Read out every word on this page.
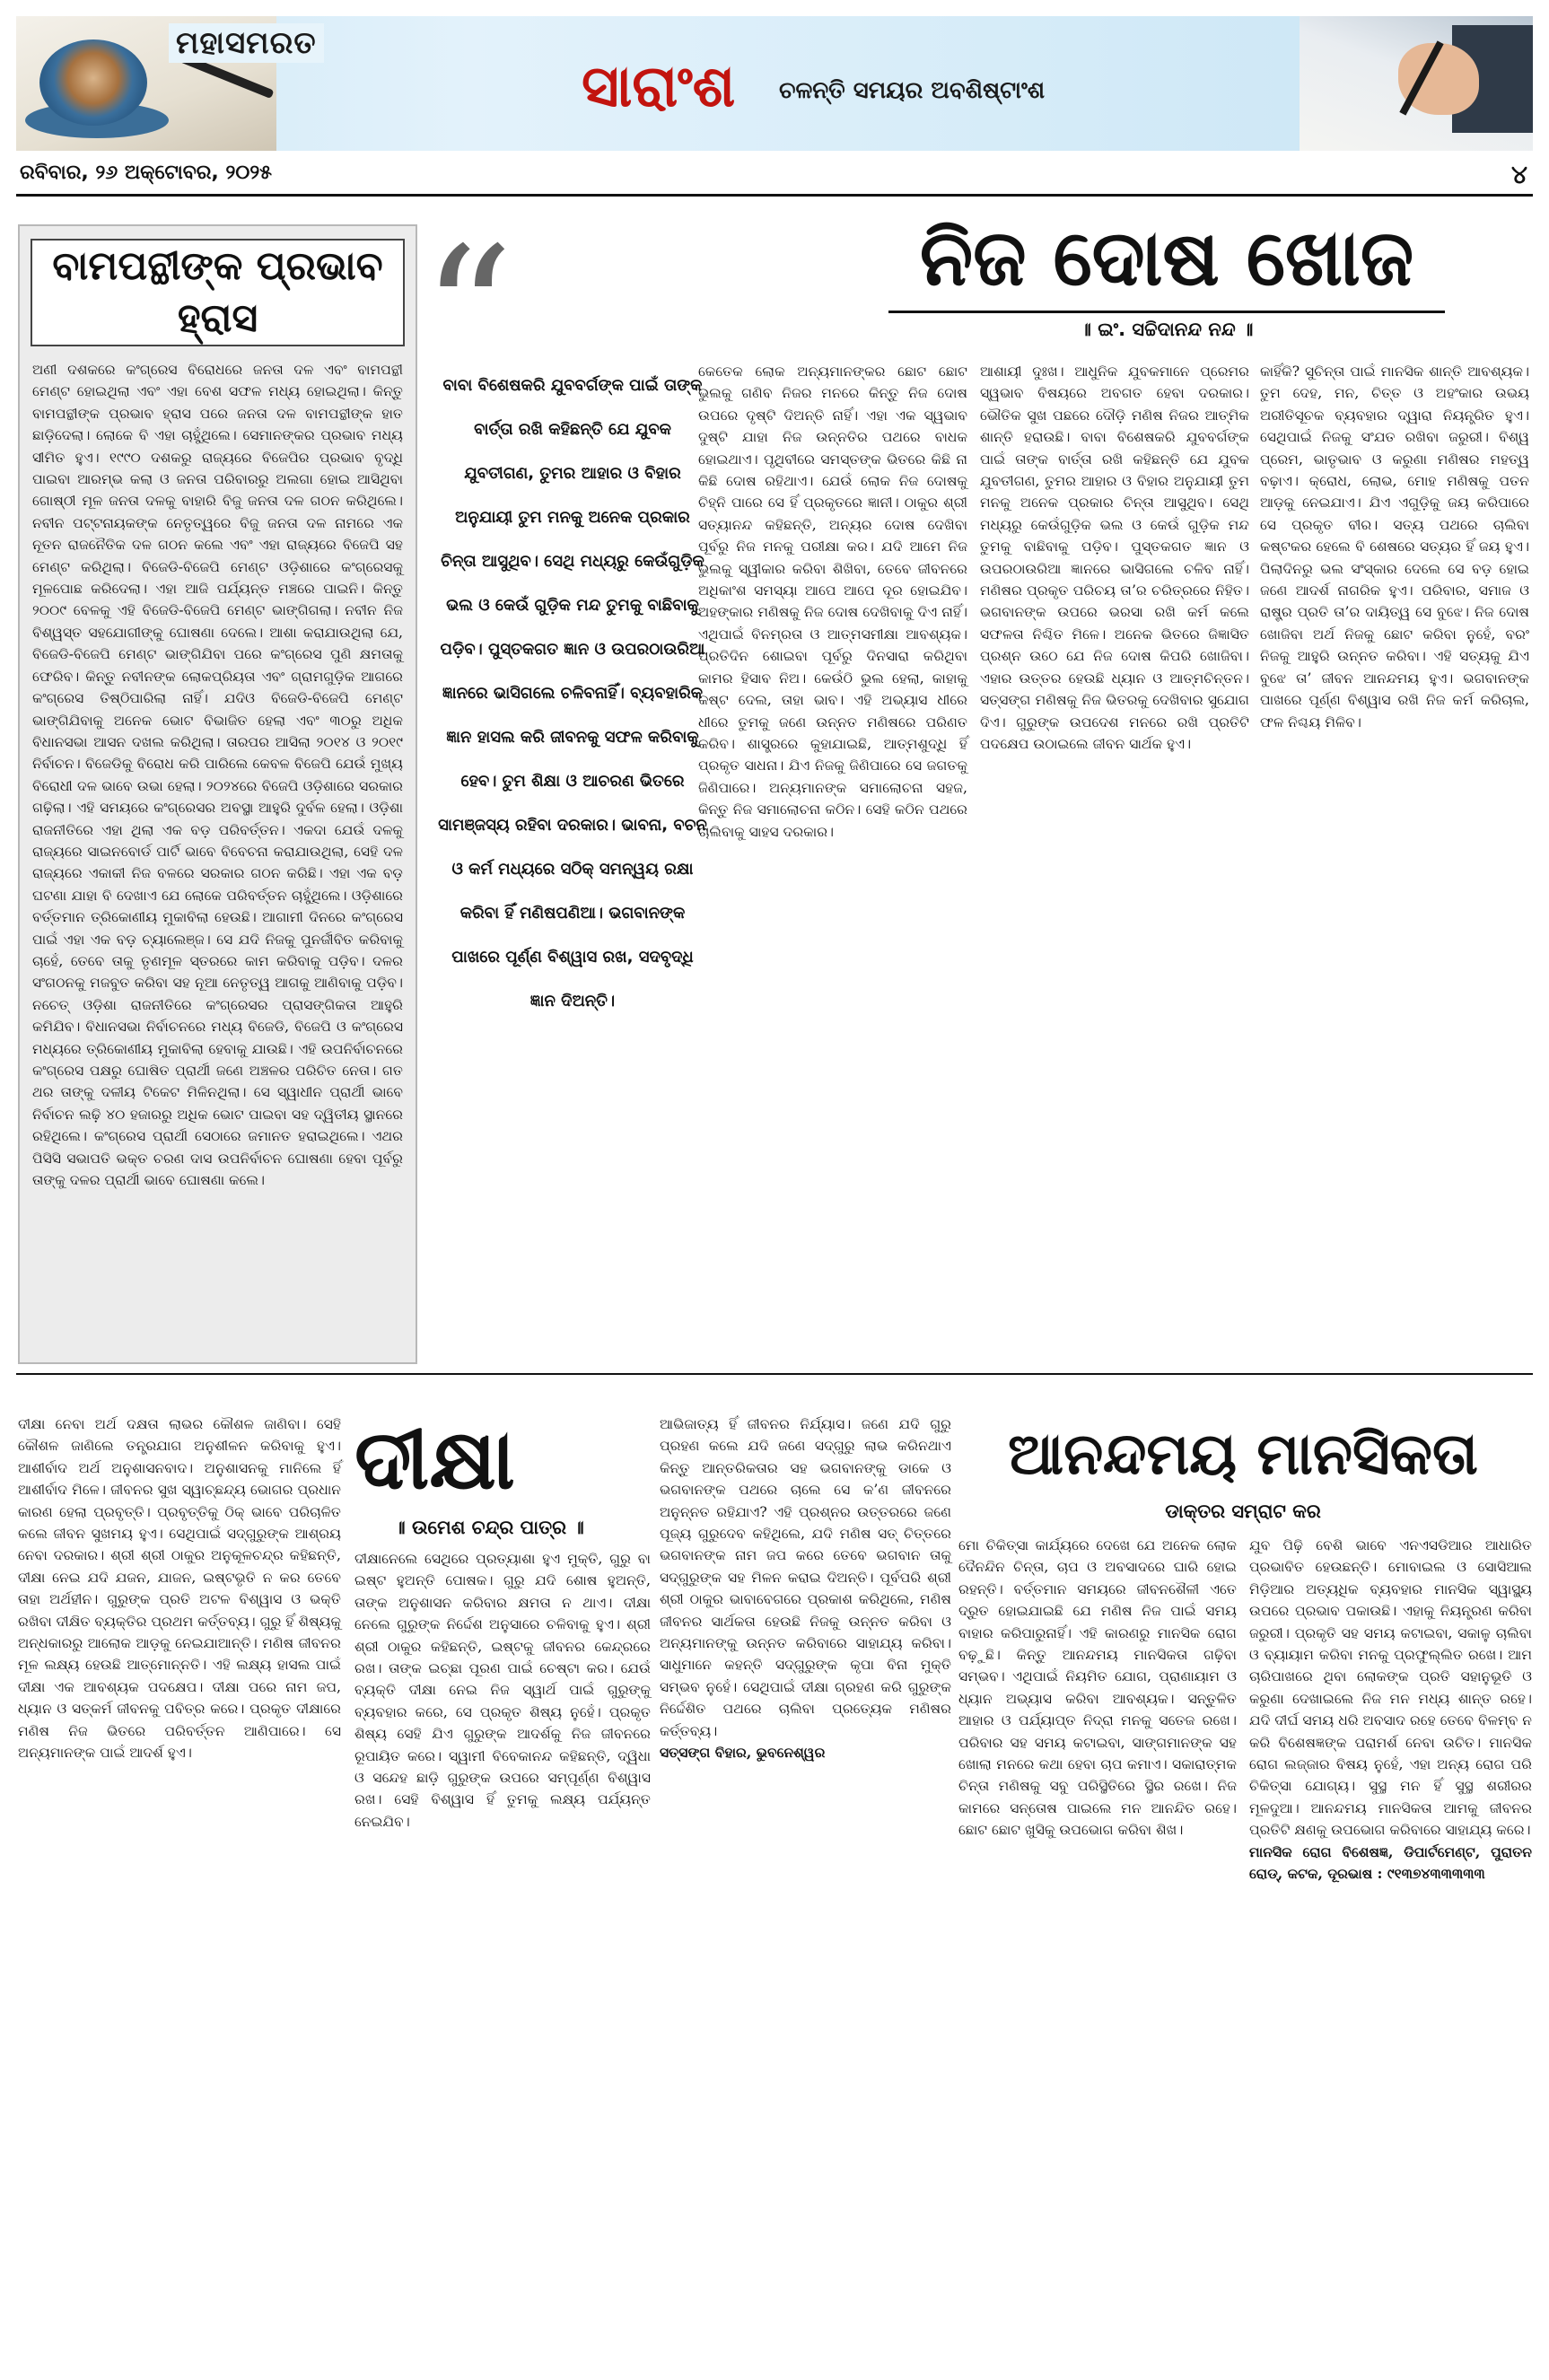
ମହାସମରତ
ସାରାଂଶ ଚଳନ୍ତି ସମୟର ଅବଶିଷ୍ଟାଂଶ
ରବିବାର, ୨୬ ଅକ୍ଟୋବର, ୨୦୨୫	୪
ବାମପନ୍ଥୀଙ୍କ ପ୍ରଭାବ ହ୍ରାସ

ଅଣୀ ଦଶକରେ କଂଗ୍ରେସ ବିରୋଧରେ ଜନତା ଦଳ ଏବଂ ବାମପନ୍ଥୀ ମେଣ୍ଟ ହୋଇଥିଲା ଏବଂ ଏହା ବେଶ ସଫଳ ମଧ୍ୟ ହୋଇଥିଲା। କିନ୍ତୁ ବାମପନ୍ଥୀଙ୍କ ପ୍ରଭାବ ହ୍ରାସ ପରେ ଜନତା ଦଳ ବାମପନ୍ଥୀଙ୍କ ହାତ ଛାଡ଼ିଦେଲା। ଲୋକେ ବି ଏହା ଚାହୁଁଥିଲେ। ସେମାନଙ୍କର ପ୍ରଭାବ ମଧ୍ୟ ସୀମିତ ହୁଏ। ୧୯୯୦ ଦଶକରୁ ରାଜ୍ୟରେ ବିଜେପିର ପ୍ରଭାବ ବୃଦ୍ଧି ପାଇବା ଆରମ୍ଭ କଲା ଓ ଜନତା ପରିବାରରୁ ଅଲଗା ହୋଇ ଆସିଥିବା ଗୋଷ୍ଠୀ ମୂଳ ଜନତା ଦଳକୁ ବାହାରି ବିଜୁ ଜନତା ଦଳ ଗଠନ କରିଥିଲେ। ନବୀନ ପଟ୍ଟନାୟକଙ୍କ ନେତୃତ୍ୱରେ ବିଜୁ ଜନତା ଦଳ ନାମରେ ଏକ ନୂତନ ରାଜନୈତିକ ଦଳ ଗଠନ କଲେ ଏବଂ ଏହା ରାଜ୍ୟରେ ବିଜେପି ସହ ମେଣ୍ଟ କରିଥିଲା। ବିଜେଡି-ବିଜେପି ମେଣ୍ଟ ଓଡ଼ିଶାରେ କଂଗ୍ରେସକୁ ମୂଳପୋଛ କରିଦେଲା। ଏହା ଆଜି ପର୍ଯ୍ୟନ୍ତ ମଞ୍ଚରେ ପାଇନି। କିନ୍ତୁ ୨୦୦୯ ବେଳକୁ ଏହି ବିଜେଡି-ବିଜେପି ମେଣ୍ଟ ଭାଙ୍ଗିଗଲା। ନବୀନ ନିଜ ବିଶ୍ୱସ୍ତ ସହଯୋଗୀଙ୍କୁ ଘୋଷଣା ଦେଲେ। ଆଶା କରାଯାଉଥିଲା ଯେ, ବିଜେଡି-ବିଜେପି ମେଣ୍ଟ ଭାଙ୍ଗିଯିବା ପରେ କଂଗ୍ରେସ ପୁଣି କ୍ଷମତାକୁ ଫେରିବ। କିନ୍ତୁ ନବୀନଙ୍କ ଲୋକପ୍ରିୟତା ଏବଂ ଗ୍ରାମଗୁଡ଼ିକ ଆଗରେ କଂଗ୍ରେସ ତିଷ୍ଠିପାରିଲା ନାହିଁ। ଯଦିଓ ବିଜେଡି-ବିଜେପି ମେଣ୍ଟ ଭାଙ୍ଗିଯିବାକୁ ଅନେକ ଭୋଟ ବିଭାଜିତ ହେଲା ଏବଂ ୩୦ରୁ ଅଧିକ ବିଧାନସଭା ଆସନ ଦଖଲ କରିଥିଲା। ତାରପର ଆସିଲା ୨୦୧୪ ଓ ୨୦୧୯ ନିର୍ବାଚନ। ବିଜେଡିକୁ ବିରୋଧ କରି ପାରିଲେ କେବଳ ବିଜେପି ଯେଉଁ ମୁଖ୍ୟ ବିରୋଧୀ ଦଳ ଭାବେ ଉଭା ହେଲା। ୨୦୨୪ରେ ବିଜେପି ଓଡ଼ିଶାରେ ସରକାର ଗଢ଼ିଲା। ଏହି ସମୟରେ କଂଗ୍ରେସର ଅବସ୍ଥା ଆହୁରି ଦୁର୍ବଳ ହେଲା। ଓଡ଼ିଶା ରାଜନୀତିରେ ଏହା ଥିଲା ଏକ ବଡ଼ ପରିବର୍ତ୍ତନ। ଏକଦା ଯେଉଁ ଦଳକୁ ରାଜ୍ୟରେ ସାଇନବୋର୍ଡ ପାର୍ଟି ଭାବେ ବିବେଚନା କରାଯାଉଥିଲା, ସେହି ଦଳ ରାଜ୍ୟରେ ଏକାକୀ ନିଜ ବଳରେ ସରକାର ଗଠନ କରିଛି। ଏହା ଏକ ବଡ଼ ଘଟଣା ଯାହା ବି ଦେଖାଏ ଯେ ଲୋକେ ପରିବର୍ତ୍ତନ ଚାହୁଁଥିଲେ। ଓଡ଼ିଶାରେ ବର୍ତ୍ତମାନ ତ୍ରିକୋଣୀୟ ମୁକାବିଲା ହେଉଛି। ଆଗାମୀ ଦିନରେ କଂଗ୍ରେସ ପାଇଁ ଏହା ଏକ ବଡ଼ ଚ୍ୟାଲେଞ୍ଜ। ସେ ଯଦି ନିଜକୁ ପୁନର୍ଜୀବିତ କରିବାକୁ ଚାହେଁ, ତେବେ ତାକୁ ତୃଣମୂଳ ସ୍ତରରେ କାମ କରିବାକୁ ପଡ଼ିବ। ଦଳର ସଂଗଠନକୁ ମଜବୁତ କରିବା ସହ ନୂଆ ନେତୃତ୍ୱ ଆଗକୁ ଆଣିବାକୁ ପଡ଼ିବ। ନଚେତ୍ ଓଡ଼ିଶା ରାଜନୀତିରେ କଂଗ୍ରେସର ପ୍ରାସଙ୍ଗିକତା ଆହୁରି କମିଯିବ। ବିଧାନସଭା ନିର୍ବାଚନରେ ମଧ୍ୟ ବିଜେଡି, ବିଜେପି ଓ କଂଗ୍ରେସ ମଧ୍ୟରେ ତ୍ରିକୋଣୀୟ ମୁକାବିଲା ହେବାକୁ ଯାଉଛି। ଏହି ଉପନିର୍ବାଚନରେ କଂଗ୍ରେସ ପକ୍ଷରୁ ଘୋଷିତ ପ୍ରାର୍ଥୀ ଜଣେ ଅଞ୍ଚଳର ପରିଚିତ ନେତା। ଗତ ଥର ତାଙ୍କୁ ଦଳୀୟ ଟିକେଟ ମିଳିନଥିଲା। ସେ ସ୍ୱାଧୀନ ପ୍ରାର୍ଥୀ ଭାବେ ନିର୍ବାଚନ ଲଢ଼ି ୪୦ ହଜାରରୁ ଅଧିକ ଭୋଟ ପାଇବା ସହ ଦ୍ୱିତୀୟ ସ୍ଥାନରେ ରହିଥିଲେ। କଂଗ୍ରେସ ପ୍ରାର୍ଥୀ ସେଠାରେ ଜମାନତ ହରାଇଥିଲେ। ଏଥର ପିସିସି ସଭାପତି ଭକ୍ତ ଚରଣ ଦାସ ଉପନିର୍ବାଚନ ଘୋଷଣା ହେବା ପୂର୍ବରୁ ତାଙ୍କୁ ଦଳର ପ୍ରାର୍ଥୀ ଭାବେ ଘୋଷଣା କଲେ।

“
ବାବା ବିଶେଷକରି ଯୁବବର୍ଗଙ୍କ ପାଇଁ ତାଙ୍କ ବାର୍ତ୍ତା ରଖି କହିଛନ୍ତି ଯେ ଯୁବକ ଯୁବତୀଗଣ, ତୁମର ଆହାର ଓ ବିହାର ଅନୁଯାୟୀ ତୁମ ମନକୁ ଅନେକ ପ୍ରକାର ଚିନ୍ତା ଆସୁଥିବ। ସେଥି ମଧ୍ୟରୁ କେଉଁଗୁଡ଼ିକ ଭଲ ଓ କେଉଁ ଗୁଡ଼ିକ ମନ୍ଦ ତୁମକୁ ବାଛିବାକୁ ପଡ଼ିବ। ପୁସ୍ତକଗତ ଜ୍ଞାନ ଓ ଉପରଠାଉରିଆ ଜ୍ଞାନରେ ଭାସିଗଲେ ଚଳିବନାହିଁ। ବ୍ୟବହାରିକ ଜ୍ଞାନ ହାସଲ କରି ଜୀବନକୁ ସଫଳ କରିବାକୁ ହେବ। ତୁମ ଶିକ୍ଷା ଓ ଆଚରଣ ଭିତରେ ସାମଞ୍ଜସ୍ୟ ରହିବା ଦରକାର। ଭାବନା, ବଚନ ଓ କର୍ମ ମଧ୍ୟରେ ସଠିକ୍ ସମନ୍ୱୟ ରକ୍ଷା କରିବା ହିଁ ମଣିଷପଣିଆ। ଭଗବାନଙ୍କ ପାଖରେ ପୂର୍ଣ୍ଣ ବିଶ୍ୱାସ ରଖ, ସଦବୃଦ୍ଧି ଜ୍ଞାନ ଦିଅନ୍ତି।
ନିଜ ଦୋଷ ଖୋଜ
॥ ଇଂ. ସଚ୍ଚିଦାନନ୍ଦ ନନ୍ଦ ॥

କେତେକ ଲୋକ ଅନ୍ୟମାନଙ୍କର ଛୋଟ ଛୋଟ ଭୁଲକୁ ଗଣିବ ନିଜର ମନରେ କିନ୍ତୁ ନିଜ ଦୋଷ ଉପରେ ଦୃଷ୍ଟି ଦିଅନ୍ତି ନାହିଁ। ଏହା ଏକ ସ୍ୱଭାବ ଦୁଷ୍ଟି ଯାହା ନିଜ ଉନ୍ନତିର ପଥରେ ବାଧକ ହୋଇଥାଏ। ପୃଥିବୀରେ ସମସ୍ତଙ୍କ ଭିତରେ କିଛି ନା କିଛି ଦୋଷ ରହିଥାଏ। ଯେଉଁ ଲୋକ ନିଜ ଦୋଷକୁ ଚିହ୍ନି ପାରେ ସେ ହିଁ ପ୍ରକୃତରେ ଜ୍ଞାନୀ। ଠାକୁର ଶ୍ରୀ ସତ୍ୟାନନ୍ଦ କହିଛନ୍ତି, ଅନ୍ୟର ଦୋଷ ଦେଖିବା ପୂର୍ବରୁ ନିଜ ମନକୁ ପରୀକ୍ଷା କର। ଯଦି ଆମେ ନିଜ ଭୁଲକୁ ସ୍ୱୀକାର କରିବା ଶିଖିବା, ତେବେ ଜୀବନରେ ଅଧିକାଂଶ ସମସ୍ୟା ଆପେ ଆପେ ଦୂର ହୋଇଯିବ। ଅହଙ୍କାର ମଣିଷକୁ ନିଜ ଦୋଷ ଦେଖିବାକୁ ଦିଏ ନାହିଁ। ଏଥିପାଇଁ ବିନମ୍ରତା ଓ ଆତ୍ମସମୀକ୍ଷା ଆବଶ୍ୟକ। ପ୍ରତିଦିନ ଶୋଇବା ପୂର୍ବରୁ ଦିନସାରା କରିଥିବା କାମର ହିସାବ ନିଅ। କେଉଁଠି ଭୁଲ ହେଲା, କାହାକୁ କଷ୍ଟ ଦେଲ, ତାହା ଭାବ। ଏହି ଅଭ୍ୟାସ ଧୀରେ ଧୀରେ ତୁମକୁ ଜଣେ ଉନ୍ନତ ମଣିଷରେ ପରିଣତ କରିବ। ଶାସ୍ତ୍ରରେ କୁହାଯାଇଛି, ଆତ୍ମଶୁଦ୍ଧି ହିଁ ପ୍ରକୃତ ସାଧନା। ଯିଏ ନିଜକୁ ଜିଣିପାରେ ସେ ଜଗତକୁ ଜିଣିପାରେ। ଅନ୍ୟମାନଙ୍କ ସମାଲୋଚନା ସହଜ, କିନ୍ତୁ ନିଜ ସମାଲୋଚନା କଠିନ। ସେହି କଠିନ ପଥରେ ଚାଲିବାକୁ ସାହସ ଦରକାର।

ଆଶାୟୀ ଦୁଃଖ। ଆଧୁନିକ ଯୁବକମାନେ ପ୍ରେମର ସ୍ୱଭାବ ବିଷୟରେ ଅବଗତ ହେବା ଦରକାର। ଭୌତିକ ସୁଖ ପଛରେ ଦୌଡ଼ି ମଣିଷ ନିଜର ଆତ୍ମିକ ଶାନ୍ତି ହରାଉଛି। ବାବା ବିଶେଷକରି ଯୁବବର୍ଗଙ୍କ ପାଇଁ ତାଙ୍କ ବାର୍ତ୍ତା ରଖି କହିଛନ୍ତି ଯେ ଯୁବକ ଯୁବତୀଗଣ, ତୁମର ଆହାର ଓ ବିହାର ଅନୁଯାୟୀ ତୁମ ମନକୁ ଅନେକ ପ୍ରକାର ଚିନ୍ତା ଆସୁଥିବ। ସେଥି ମଧ୍ୟରୁ କେଉଁଗୁଡ଼ିକ ଭଲ ଓ କେଉଁ ଗୁଡ଼ିକ ମନ୍ଦ ତୁମକୁ ବାଛିବାକୁ ପଡ଼ିବ। ପୁସ୍ତକଗତ ଜ୍ଞାନ ଓ ଉପରଠାଉରିଆ ଜ୍ଞାନରେ ଭାସିଗଲେ ଚଳିବ ନାହିଁ। ମଣିଷର ପ୍ରକୃତ ପରିଚୟ ତା’ର ଚରିତ୍ରରେ ନିହିତ। ଭଗବାନଙ୍କ ଉପରେ ଭରସା ରଖି କର୍ମ କଲେ ସଫଳତା ନିଶ୍ଚିତ ମିଳେ। ଅନେକ ଭିତରେ ଜିଜ୍ଞାସିତ ପ୍ରଶ୍ନ ଉଠେ ଯେ ନିଜ ଦୋଷ କିପରି ଖୋଜିବା। ଏହାର ଉତ୍ତର ହେଉଛି ଧ୍ୟାନ ଓ ଆତ୍ମଚିନ୍ତନ। ସତ୍‌ସଙ୍ଗ ମଣିଷକୁ ନିଜ ଭିତରକୁ ଦେଖିବାର ସୁଯୋଗ ଦିଏ। ଗୁରୁଙ୍କ ଉପଦେଶ ମନରେ ରଖି ପ୍ରତିଟି ପଦକ୍ଷେପ ଉଠାଇଲେ ଜୀବନ ସାର୍ଥକ ହୁଏ।

କାହିଁକି? ସୁଚିନ୍ତା ପାଇଁ ମାନସିକ ଶାନ୍ତି ଆବଶ୍ୟକ। ତୁମ ଦେହ, ମନ, ଚିତ୍ତ ଓ ଅହଂକାର ଉଭୟ ଅରୀତିସୂଚକ ବ୍ୟବହାର ଦ୍ୱାରା ନିୟନ୍ତ୍ରିତ ହୁଏ। ସେଥିପାଇଁ ନିଜକୁ ସଂଯତ ରଖିବା ଜରୁରୀ। ବିଶ୍ୱ ପ୍ରେମ, ଭାତୃଭାବ ଓ କରୁଣା ମଣିଷର ମହତ୍ୱ ବଢ଼ାଏ। କ୍ରୋଧ, ଲୋଭ, ମୋହ ମଣିଷକୁ ପତନ ଆଡ଼କୁ ନେଇଯାଏ। ଯିଏ ଏଗୁଡ଼ିକୁ ଜୟ କରିପାରେ ସେ ପ୍ରକୃତ ବୀର। ସତ୍ୟ ପଥରେ ଚାଲିବା କଷ୍ଟକର ହେଲେ ବି ଶେଷରେ ସତ୍ୟର ହିଁ ଜୟ ହୁଏ। ପିଲାଦିନରୁ ଭଲ ସଂସ୍କାର ଦେଲେ ସେ ବଡ଼ ହୋଇ ଜଣେ ଆଦର୍ଶ ନାଗରିକ ହୁଏ। ପରିବାର, ସମାଜ ଓ ରାଷ୍ଟ୍ର ପ୍ରତି ତା’ର ଦାୟିତ୍ୱ ସେ ବୁଝେ। ନିଜ ଦୋଷ ଖୋଜିବା ଅର୍ଥ ନିଜକୁ ଛୋଟ କରିବା ନୁହେଁ, ବରଂ ନିଜକୁ ଆହୁରି ଉନ୍ନତ କରିବା। ଏହି ସତ୍ୟକୁ ଯିଏ ବୁଝେ ତା’ ଜୀବନ ଆନନ୍ଦମୟ ହୁଏ। ଭଗବାନଙ୍କ ପାଖରେ ପୂର୍ଣ୍ଣ ବିଶ୍ୱାସ ରଖି ନିଜ କର୍ମ କରିଚାଲ, ଫଳ ନିଶ୍ଚୟ ମିଳିବ।

ଦୀକ୍ଷା ନେବା ଅର୍ଥ ଦକ୍ଷତା ଲାଭର କୌଶଳ ଜାଣିବା। ସେହି କୌଶଳ ଜାଣିଲେ ତନ୍ତ୍ରଯାଗ ଅନୁଶୀଳନ କରିବାକୁ ହୁଏ। ଆଶୀର୍ବାଦ ଅର୍ଥ ଅନୁଶାସନବାଦ। ଅନୁଶାସନକୁ ମାନିଲେ ହିଁ ଆଶୀର୍ବାଦ ମିଳେ। ଜୀବନର ସୁଖ ସ୍ୱାଚ୍ଛନ୍ଦ୍ୟ ଭୋଗର ପ୍ରଧାନ କାରଣ ହେଲା ପ୍ରବୃତ୍ତି। ପ୍ରବୃତ୍ତିକୁ ଠିକ୍ ଭାବେ ପରିଚାଳିତ କଲେ ଜୀବନ ସୁଖମୟ ହୁଏ। ସେଥିପାଇଁ ସଦ୍‌ଗୁରୁଙ୍କ ଆଶ୍ରୟ ନେବା ଦରକାର। ଶ୍ରୀ ଶ୍ରୀ ଠାକୁର ଅନୁକୂଳଚନ୍ଦ୍ର କହିଛନ୍ତି, ଦୀକ୍ଷା ନେଇ ଯଦି ଯଜନ, ଯାଜନ, ଇଷ୍ଟଭୃତି ନ କର ତେବେ ତାହା ଅର୍ଥହୀନ। ଗୁରୁଙ୍କ ପ୍ରତି ଅଟଳ ବିଶ୍ୱାସ ଓ ଭକ୍ତି ରଖିବା ଦୀକ୍ଷିତ ବ୍ୟକ୍ତିର ପ୍ରଥମ କର୍ତ୍ତବ୍ୟ। ଗୁରୁ ହିଁ ଶିଷ୍ୟକୁ ଅନ୍ଧକାରରୁ ଆଲୋକ ଆଡ଼କୁ ନେଇଯାଆନ୍ତି। ମଣିଷ ଜୀବନର ମୂଳ ଲକ୍ଷ୍ୟ ହେଉଛି ଆତ୍ମୋନ୍ନତି। ଏହି ଲକ୍ଷ୍ୟ ହାସଲ ପାଇଁ ଦୀକ୍ଷା ଏକ ଆବଶ୍ୟକ ପଦକ୍ଷେପ। ଦୀକ୍ଷା ପରେ ନାମ ଜପ, ଧ୍ୟାନ ଓ ସତ୍‌କର୍ମ ଜୀବନକୁ ପବିତ୍ର କରେ। ପ୍ରକୃତ ଦୀକ୍ଷାରେ ମଣିଷ ନିଜ ଭିତରେ ପରିବର୍ତ୍ତନ ଆଣିପାରେ। ସେ ଅନ୍ୟମାନଙ୍କ ପାଇଁ ଆଦର୍ଶ ହୁଏ।

ଦୀକ୍ଷା
॥ ଉମେଶ ଚନ୍ଦ୍ର ପାତ୍ର ॥

ଦୀକ୍ଷାନେଲେ ସେଥିରେ ପ୍ରତ୍ୟାଶା ହୁଏ ମୁକ୍ତି, ଗୁରୁ ବା ଇଷ୍ଟ ହୁଅନ୍ତି ପୋଷକ। ଗୁରୁ ଯଦି ଶୋଷ ହୁଅନ୍ତି, ତାଙ୍କ ଅନୁଶାସନ କରିବାର କ୍ଷମତା ନ ଥାଏ। ଦୀକ୍ଷା ନେଲେ ଗୁରୁଙ୍କ ନିର୍ଦ୍ଦେଶ ଅନୁସାରେ ଚଳିବାକୁ ହୁଏ। ଶ୍ରୀ ଶ୍ରୀ ଠାକୁର କହିଛନ୍ତି, ଇଷ୍ଟକୁ ଜୀବନର କେନ୍ଦ୍ରରେ ରଖ। ତାଙ୍କ ଇଚ୍ଛା ପୂରଣ ପାଇଁ ଚେଷ୍ଟା କର। ଯେଉଁ ବ୍ୟକ୍ତି ଦୀକ୍ଷା ନେଇ ନିଜ ସ୍ୱାର୍ଥ ପାଇଁ ଗୁରୁଙ୍କୁ ବ୍ୟବହାର କରେ, ସେ ପ୍ରକୃତ ଶିଷ୍ୟ ନୁହେଁ। ପ୍ରକୃତ ଶିଷ୍ୟ ସେହି ଯିଏ ଗୁରୁଙ୍କ ଆଦର୍ଶକୁ ନିଜ ଜୀବନରେ ରୂପାୟିତ କରେ। ସ୍ୱାମୀ ବିବେକାନନ୍ଦ କହିଛନ୍ତି, ଦ୍ୱିଧା ଓ ସନ୍ଦେହ ଛାଡ଼ି ଗୁରୁଙ୍କ ଉପରେ ସମ୍ପୂର୍ଣ୍ଣ ବିଶ୍ୱାସ ରଖ। ସେହି ବିଶ୍ୱାସ ହିଁ ତୁମକୁ ଲକ୍ଷ୍ୟ ପର୍ଯ୍ୟନ୍ତ ନେଇଯିବ।

ଆଭିଜାତ୍ୟ ହିଁ ଜୀବନର ନିର୍ଯ୍ୟାସ। ଜଣେ ଯଦି ଗୁରୁ ପ୍ରହଣ କଲେ ଯଦି ଜଣେ ସଦ୍‌ଗୁରୁ ଲାଭ କରିନଥାଏ କିନ୍ତୁ ଆନ୍ତରିକତାର ସହ ଭଗବାନଙ୍କୁ ଡାକେ ଓ ଭଗବାନଙ୍କ ପଥରେ ଚାଲେ ସେ କ’ଣ ଜୀବନରେ ଅନୁନ୍ନତ ରହିଯାଏ? ଏହି ପ୍ରଶ୍ନର ଉତ୍ତରରେ ଜଣେ ପୂଜ୍ୟ ଗୁରୁଦେବ କହିଥିଲେ, ଯଦି ମଣିଷ ସତ୍‌ ଚିତ୍ତରେ ଭଗବାନଙ୍କ ନାମ ଜପ କରେ ତେବେ ଭଗବାନ ତାକୁ ସଦ୍‌ଗୁରୁଙ୍କ ସହ ମିଳନ କରାଇ ଦିଅନ୍ତି। ପୂର୍ବପରି ଶ୍ରୀ ଶ୍ରୀ ଠାକୁର ଭାବାବେଗରେ ପ୍ରକାଶ କରିଥିଲେ, ମଣିଷ ଜୀବନର ସାର୍ଥକତା ହେଉଛି ନିଜକୁ ଉନ୍ନତ କରିବା ଓ ଅନ୍ୟମାନଙ୍କୁ ଉନ୍ନତ କରିବାରେ ସାହାଯ୍ୟ କରିବା। ସାଧୁମାନେ କହନ୍ତି ସଦ୍‌ଗୁରୁଙ୍କ କୃପା ବିନା ମୁକ୍ତି ସମ୍ଭବ ନୁହେଁ। ସେଥିପାଇଁ ଦୀକ୍ଷା ଗ୍ରହଣ କରି ଗୁରୁଙ୍କ ନିର୍ଦ୍ଦେଶିତ ପଥରେ ଚାଲିବା ପ୍ରତ୍ୟେକ ମଣିଷର କର୍ତ୍ତବ୍ୟ।

ସତ୍‌ସଙ୍ଗ ବିହାର, ଭୁବନେଶ୍ୱର

ଆନନ୍ଦମୟ ମାନସିକତା
ଡାକ୍ତର ସମ୍ରାଟ କର

ମୋ ଚିକିତ୍ସା କାର୍ଯ୍ୟରେ ଦେଖେ ଯେ ଅନେକ ଲୋକ ଦୈନନ୍ଦିନ ଚିନ୍ତା, ଚାପ ଓ ଅବସାଦରେ ଘାରି ହୋଇ ରହନ୍ତି। ବର୍ତ୍ତମାନ ସମୟରେ ଜୀବନଶୈଳୀ ଏତେ ଦ୍ରୁତ ହୋଇଯାଇଛି ଯେ ମଣିଷ ନିଜ ପାଇଁ ସମୟ ବାହାର କରିପାରୁନାହିଁ। ଏହି କାରଣରୁ ମାନସିକ ରୋଗ ବଢ଼ୁଛି। କିନ୍ତୁ ଆନନ୍ଦମୟ ମାନସିକତା ଗଢ଼ିବା ସମ୍ଭବ। ଏଥିପାଇଁ ନିୟମିତ ଯୋଗ, ପ୍ରାଣାୟାମ ଓ ଧ୍ୟାନ ଅଭ୍ୟାସ କରିବା ଆବଶ୍ୟକ। ସନ୍ତୁଳିତ ଆହାର ଓ ପର୍ଯ୍ୟାପ୍ତ ନିଦ୍ରା ମନକୁ ସତେଜ ରଖେ। ପରିବାର ସହ ସମୟ କଟାଇବା, ସାଙ୍ଗମାନଙ୍କ ସହ ଖୋଲା ମନରେ କଥା ହେବା ଚାପ କମାଏ। ସକାରାତ୍ମକ ଚିନ୍ତା ମଣିଷକୁ ସବୁ ପରିସ୍ଥିତିରେ ସ୍ଥିର ରଖେ। ନିଜ କାମରେ ସନ୍ତୋଷ ପାଇଲେ ମନ ଆନନ୍ଦିତ ରହେ। ଛୋଟ ଛୋଟ ଖୁସିକୁ ଉପଭୋଗ କରିବା ଶିଖ।

ଯୁବ ପିଢ଼ି ବେଶି ଭାବେ ଏନଏସଡିଆର ଆଧାରିତ ପ୍ରଭାବିତ ହେଉଛନ୍ତି। ମୋବାଇଲ ଓ ସୋସିଆଲ ମିଡ଼ିଆର ଅତ୍ୟଧିକ ବ୍ୟବହାର ମାନସିକ ସ୍ୱାସ୍ଥ୍ୟ ଉପରେ ପ୍ରଭାବ ପକାଉଛି। ଏହାକୁ ନିୟନ୍ତ୍ରଣ କରିବା ଜରୁରୀ। ପ୍ରକୃତି ସହ ସମୟ କଟାଇବା, ସକାଳୁ ଚାଲିବା ଓ ବ୍ୟାୟାମ କରିବା ମନକୁ ପ୍ରଫୁଲ୍ଲିତ ରଖେ। ଆମ ଚାରିପାଖରେ ଥିବା ଲୋକଙ୍କ ପ୍ରତି ସହାନୁଭୂତି ଓ କରୁଣା ଦେଖାଇଲେ ନିଜ ମନ ମଧ୍ୟ ଶାନ୍ତ ରହେ। ଯଦି ଦୀର୍ଘ ସମୟ ଧରି ଅବସାଦ ରହେ ତେବେ ବିଳମ୍ବ ନ କରି ବିଶେଷଜ୍ଞଙ୍କ ପରାମର୍ଶ ନେବା ଉଚିତ। ମାନସିକ ରୋଗ ଲଜ୍ଜାର ବିଷୟ ନୁହେଁ, ଏହା ଅନ୍ୟ ରୋଗ ପରି ଚିକିତ୍ସା ଯୋଗ୍ୟ। ସୁସ୍ଥ ମନ ହିଁ ସୁସ୍ଥ ଶରୀରର ମୂଳଦୁଆ। ଆନନ୍ଦମୟ ମାନସିକତା ଆମକୁ ଜୀବନର ପ୍ରତିଟି କ୍ଷଣକୁ ଉପଭୋଗ କରିବାରେ ସାହାଯ୍ୟ କରେ।

ମାନସିକ ରୋଗ ବିଶେଷଜ୍ଞ, ଡିପାର୍ଟମେଣ୍ଟ, ପୁରାତନ ରୋଡ୍, କଟକ, ଦୂରଭାଷ : ୯୧୩୭୪୩୩୩୩୩
